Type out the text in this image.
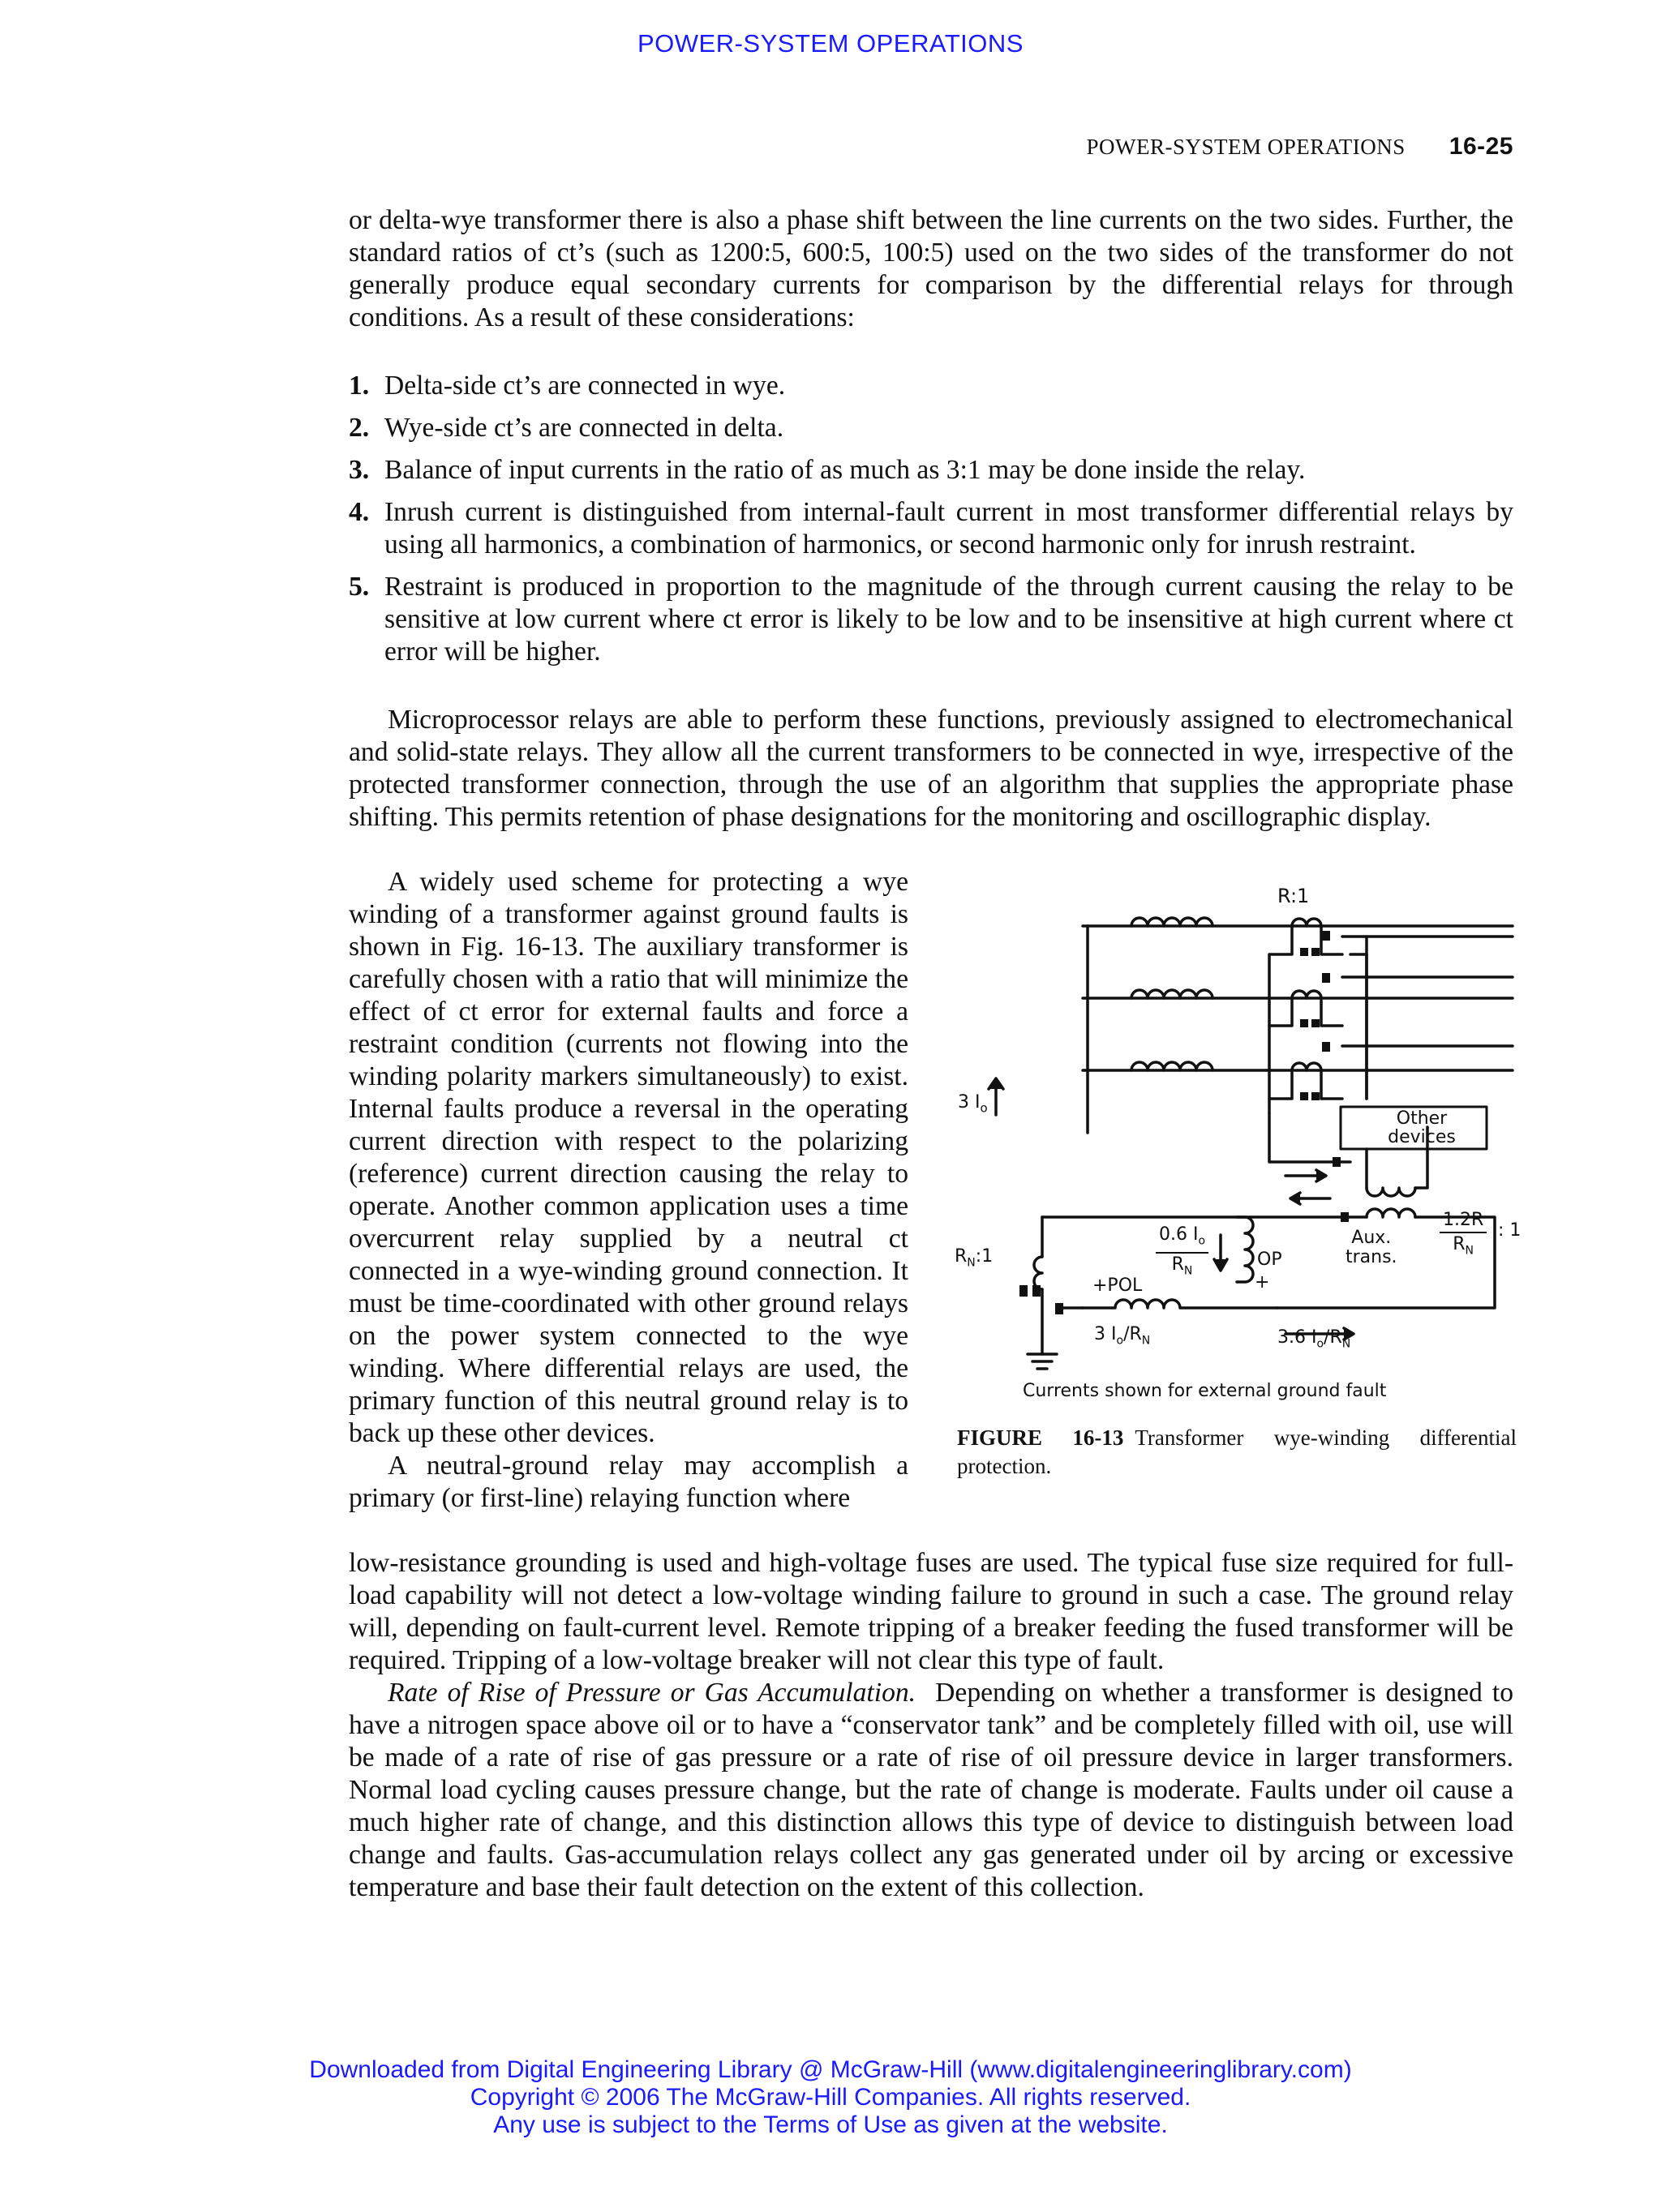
POWER-SYSTEM OPERATIONS
POWER-SYSTEM OPERATIONS 16-25

or delta-wye transformer there is also a phase shift between the line currents on the two sides. Further, the standard ratios of ct’s (such as 1200:5, 600:5, 100:5) used on the two sides of the transformer do not generally produce equal secondary currents for comparison by the differential relays for through conditions. As a result of these considerations:

1. Delta-side ct’s are connected in wye.
2. Wye-side ct’s are connected in delta.
3. Balance of input currents in the ratio of as much as 3:1 may be done inside the relay.
4. Inrush current is distinguished from internal-fault current in most transformer differential relays by using all harmonics, a combination of harmonics, or second harmonic only for inrush restraint.
5. Restraint is produced in proportion to the magnitude of the through current causing the relay to be sensitive at low current where ct error is likely to be low and to be insensitive at high current where ct error will be higher.

Microprocessor relays are able to perform these functions, previously assigned to electromechanical and solid-state relays. They allow all the current transformers to be connected in wye, irrespective of the protected transformer connection, through the use of an algorithm that supplies the appropriate phase shifting. This permits retention of phase designations for the monitoring and oscillographic display.

A widely used scheme for protecting a wye winding of a transformer against ground faults is shown in Fig. 16-13. The auxiliary transformer is carefully chosen with a ratio that will minimize the effect of ct error for external faults and force a restraint condition (currents not flowing into the winding polarity markers simultaneously) to exist. Internal faults produce a reversal in the operating current direction with respect to the polarizing (reference) current direction causing the relay to operate. Another common application uses a time overcurrent relay supplied by a neutral ct connected in a wye-winding ground connection. It must be time-coordinated with other ground relays on the power system connected to the wye winding. Where differential relays are used, the primary function of this neutral ground relay is to back up these other devices.

A neutral-ground relay may accomplish a primary (or first-line) relaying function where

R:1
3 $I_o$
Other
devices
$\frac{1.2R}{R_N}$ : 1
$R_N:1$	$\frac{0.6 I_o}{R_N}$	OP
+
+POL
Aux.
trans.
3 $I_o/R_N$	3.6 $I_o/R_N$
Currents shown for external ground fault
FIGURE 16-13 Transformer wye-winding differential protection.

low-resistance grounding is used and high-voltage fuses are used. The typical fuse size required for full-load capability will not detect a low-voltage winding failure to ground in such a case. The ground relay will, depending on fault-current level. Remote tripping of a breaker feeding the fused transformer will be required. Tripping of a low-voltage breaker will not clear this type of fault.

Rate of Rise of Pressure or Gas Accumulation. Depending on whether a transformer is designed to have a nitrogen space above oil or to have a “conservator tank” and be completely filled with oil, use will be made of a rate of rise of gas pressure or a rate of rise of oil pressure device in larger transformers. Normal load cycling causes pressure change, but the rate of change is moderate. Faults under oil cause a much higher rate of change, and this distinction allows this type of device to distinguish between load change and faults. Gas-accumulation relays collect any gas generated under oil by arcing or excessive temperature and base their fault detection on the extent of this collection.

Downloaded from Digital Engineering Library @ McGraw-Hill (www.digitalengineeringlibrary.com)
Copyright © 2006 The McGraw-Hill Companies. All rights reserved.
Any use is subject to the Terms of Use as given at the website.
